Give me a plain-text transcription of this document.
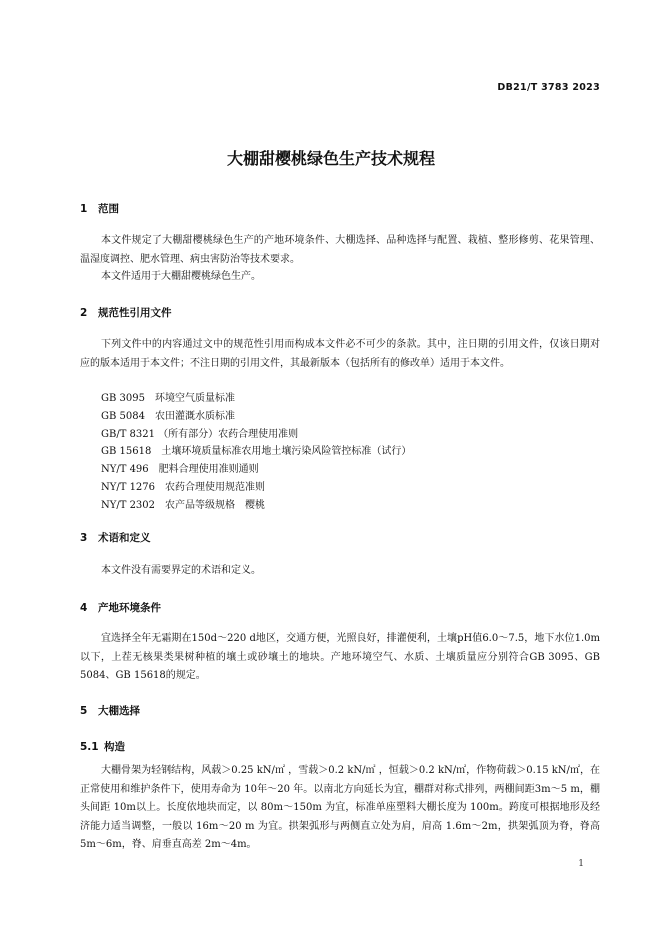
DB21/T 3783 2023
大棚甜樱桃绿色生产技术规程
1 范围
本文件规定了大棚甜樱桃绿色生产的产地环境条件、大棚选择、品种选择与配置、栽植、整形修剪、花果管理、温湿度调控、肥水管理、病虫害防治等技术要求。
本文件适用于大棚甜樱桃绿色生产。
2 规范性引用文件
下列文件中的内容通过文中的规范性引用而构成本文件必不可少的条款。其中，注日期的引用文件，仅该日期对应的版本适用于本文件；不注日期的引用文件，其最新版本（包括所有的修改单）适用于本文件。
GB 3095　环境空气质量标准
GB 5084　农田灌溉水质标准
GB/T 8321 （所有部分）农药合理使用准则
GB 15618　土壤环境质量标准农用地土壤污染风险管控标准（试行）
NY/T 496　肥料合理使用准则通则
NY/T 1276　农药合理使用规范准则
NY/T 2302　农产品等级规格　樱桃
3 术语和定义
本文件没有需要界定的术语和定义。
4 产地环境条件
宜选择全年无霜期在150d～220 d地区，交通方便，光照良好，排灌便利，土壤pH值6.0～7.5，地下水位1.0m以下，上茬无核果类果树种植的壤土或砂壤土的地块。产地环境空气、水质、土壤质量应分别符合GB 3095、GB 5084、GB 15618的规定。
5 大棚选择
5.1 构造
大棚骨架为轻钢结构，风载＞0.25 kN/㎡ ，雪载＞0.2 kN/㎡ ，恒载＞0.2 kN/㎡，作物荷载＞0.15 kN/㎡，在正常使用和维护条件下，使用寿命为 10年～20 年。以南北方向延长为宜，棚群对称式排列，两棚间距3m～5 m，棚头间距 10m以上。长度依地块而定，以 80m～150m 为宜，标准单座塑料大棚长度为 100m。跨度可根据地形及经济能力适当调整，一般以 16m～20 m 为宜。拱架弧形与两侧直立处为肩，肩高 1.6m～2m，拱架弧顶为脊，脊高 5m～6m，脊、肩垂直高差 2m～4m。
1
